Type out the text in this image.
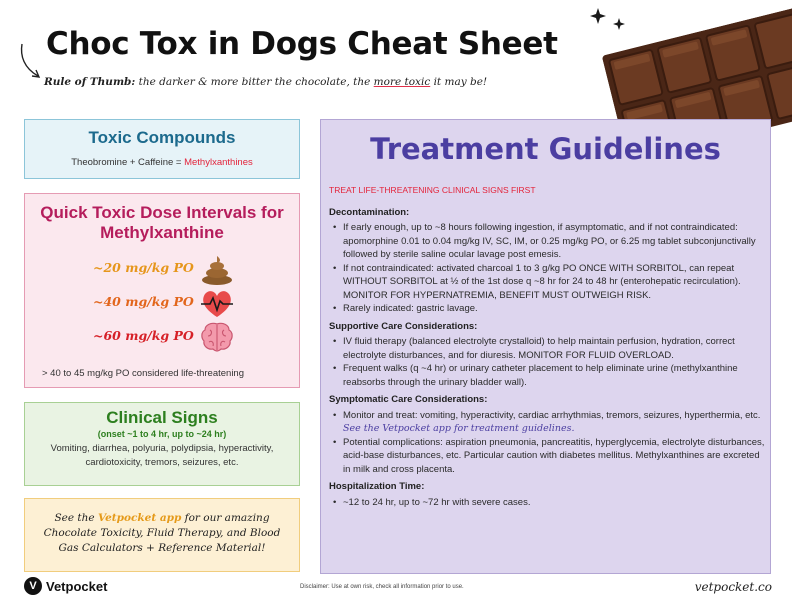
Choc Tox in Dogs Cheat Sheet
Rule of Thumb: the darker & more bitter the chocolate, the more toxic it may be!
Toxic Compounds
Theobromine + Caffeine = Methylxanthines
Quick Toxic Dose Intervals for Methylxanthine
~20 mg/kg PO
~40 mg/kg PO
~60 mg/kg PO
> 40 to 45 mg/kg PO considered life-threatening
Clinical Signs
(onset ~1 to 4 hr, up to ~24 hr)
Vomiting, diarrhea, polyuria, polydipsia, hyperactivity, cardiotoxicity, tremors, seizures, etc.
See the Vetpocket app for our amazing Chocolate Toxicity, Fluid Therapy, and Blood Gas Calculators + Reference Material!
Treatment Guidelines
TREAT LIFE-THREATENING CLINICAL SIGNS FIRST
Decontamination:
• If early enough, up to ~8 hours following ingestion, if asymptomatic, and if not contraindicated: apomorphine 0.01 to 0.04 mg/kg IV, SC, IM, or 0.25 mg/kg PO, or 6.25 mg tablet subconjunctivally followed by sterile saline ocular lavage post emesis.
• If not contraindicated: activated charcoal 1 to 3 g/kg PO ONCE WITH SORBITOL, can repeat WITHOUT SORBITOL at ½ of the 1st dose q ~8 hr for 24 to 48 hr (enterohepatic recirculation). MONITOR FOR HYPERNATREMIA, BENEFIT MUST OUTWEIGH RISK.
• Rarely indicated: gastric lavage.
Supportive Care Considerations:
• IV fluid therapy (balanced electrolyte crystalloid) to help maintain perfusion, hydration, correct electrolyte disturbances, and for diuresis. MONITOR FOR FLUID OVERLOAD.
• Frequent walks (q ~4 hr) or urinary catheter placement to help eliminate urine (methylxanthine reabsorbs through the urinary bladder wall).
Symptomatic Care Considerations:
• Monitor and treat: vomiting, hyperactivity, cardiac arrhythmias, tremors, seizures, hyperthermia, etc. See the Vetpocket app for treatment guidelines.
• Potential complications: aspiration pneumonia, pancreatitis, hyperglycemia, electrolyte disturbances, acid-base disturbances, etc. Particular caution with diabetes mellitus. Methylxanthines are excreted in milk and cross placenta.
Hospitalization Time:
• ~12 to 24 hr, up to ~72 hr with severe cases.
V Vetpocket	Disclaimer: Use at own risk, check all information prior to use.	vetpocket.co
